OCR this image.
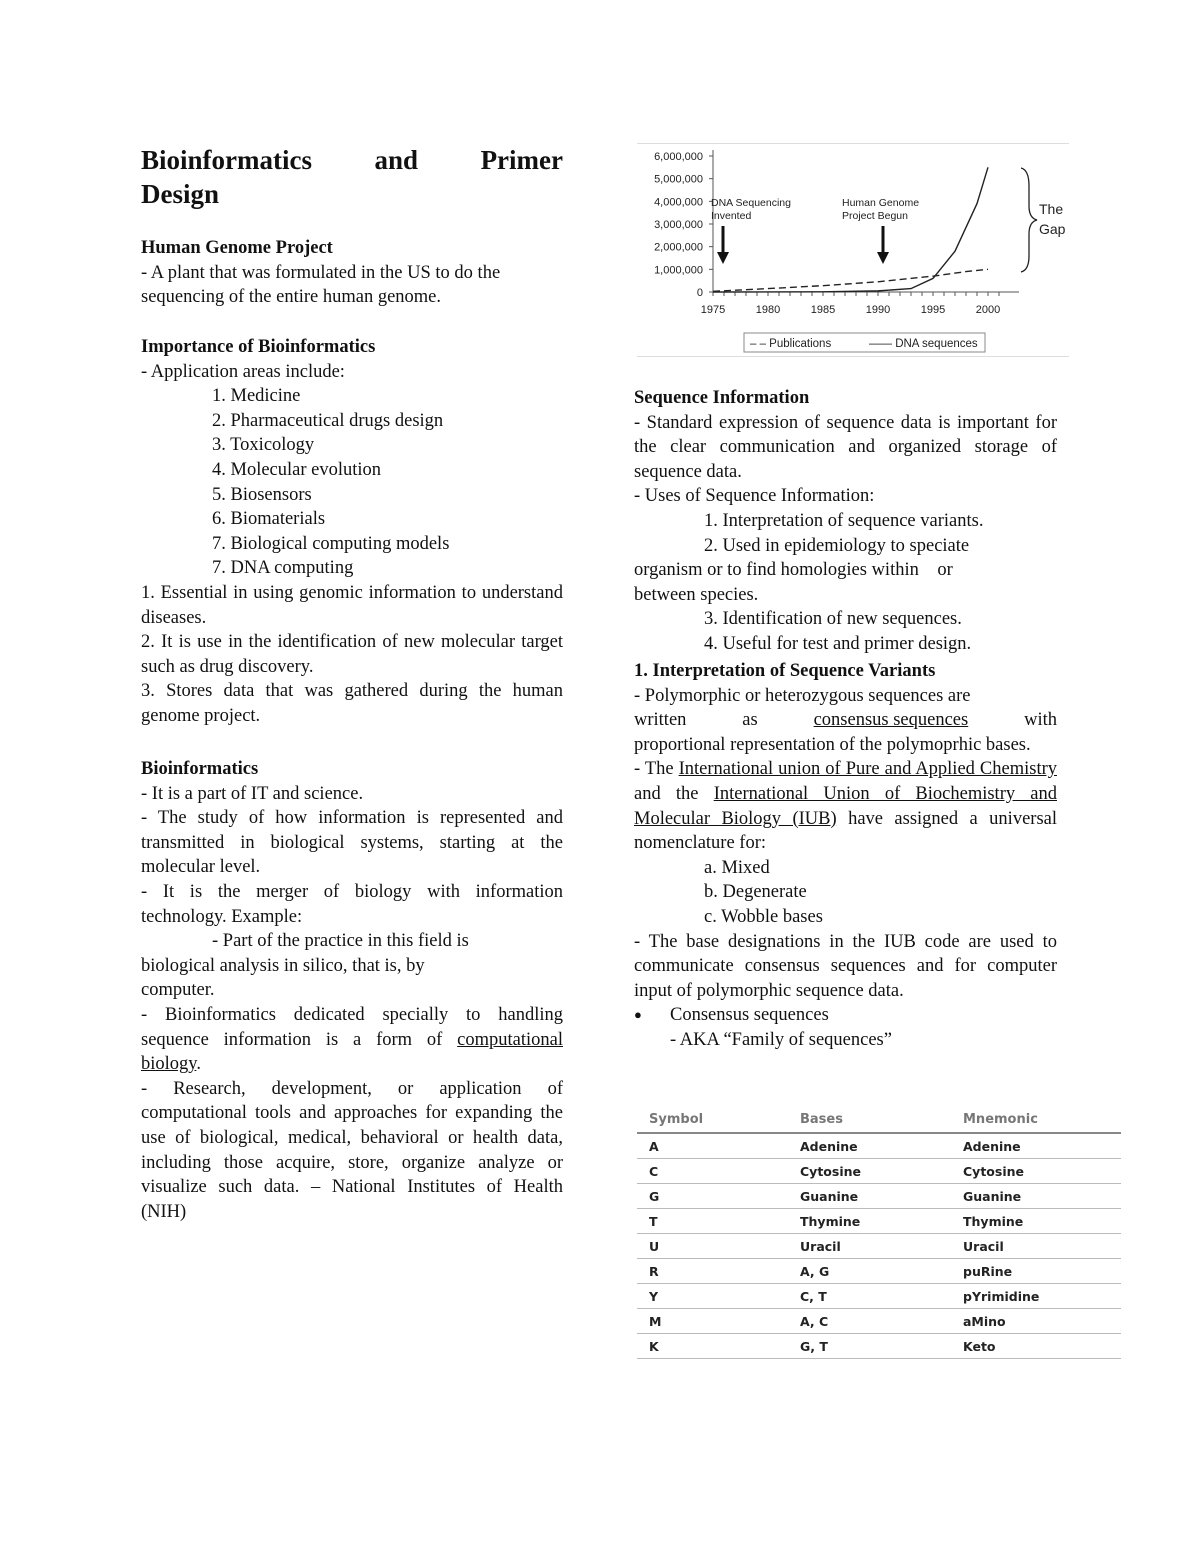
Bioinformatics and Primer
Design
Human Genome Project
- A plant that was formulated in the US to do the sequencing of the entire human genome.
Importance of Bioinformatics
- Application areas include:
1. Medicine
2. Pharmaceutical drugs design
3. Toxicology
4. Molecular evolution
5. Biosensors
6. Biomaterials
7. Biological computing models
7. DNA computing
1. Essential in using genomic information to understand diseases.
2. It is use in the identification of new molecular target such as drug discovery.
3. Stores data that was gathered during the human genome project.
Bioinformatics
- It is a part of IT and science.
- The study of how information is represented and transmitted in biological systems, starting at the molecular level.
- It is the merger of biology with information technology. Example:
- Part of the practice in this field is
biological analysis in silico, that is, by
computer.
- Bioinformatics dedicated specially to handling sequence information is a form of computational biology.
- Research, development, or application of computational tools and approaches for expanding the use of biological, medical, behavioral or health data, including those acquire, store, organize analyze or visualize such data. – National Institutes of Health (NIH)
0
1,000,000
2,000,000
3,000,000
4,000,000
5,000,000
6,000,000
1975	1980	1985	1990	1995	2000
DNA Sequencing
Invented
Human Genome
Project Begun	The
Gap
– – Publications	—— DNA sequences
Sequence Information
- Standard expression of sequence data is important for the clear communication and organized storage of sequence data.
- Uses of Sequence Information:
1. Interpretation of sequence variants.
2. Used in epidemiology to speciate
organism or to find homologies within    or
between species.
3. Identification of new sequences.
4. Useful for test and primer design.
1. Interpretation of Sequence Variants
- Polymorphic or heterozygous sequences are
written	as	consensus sequences	with
proportional representation of the polymoprhic bases.
- The International union of Pure and Applied Chemistry and the International Union of Biochemistry and Molecular Biology (IUB) have assigned a universal nomenclature for:
a. Mixed
b. Degenerate
c. Wobble bases
- The base designations in the IUB code are used to communicate consensus sequences and for computer input of polymorphic sequence data.
● Consensus sequences
- AKA “Family of sequences”
Symbol	Bases	Mnemonic
A	Adenine	Adenine
C	Cytosine	Cytosine
G	Guanine	Guanine
T	Thymine	Thymine
U	Uracil	Uracil
R	A, G	puRine
Y	C, T	pYrimidine
M	A, C	aMino
K	G, T	Keto
